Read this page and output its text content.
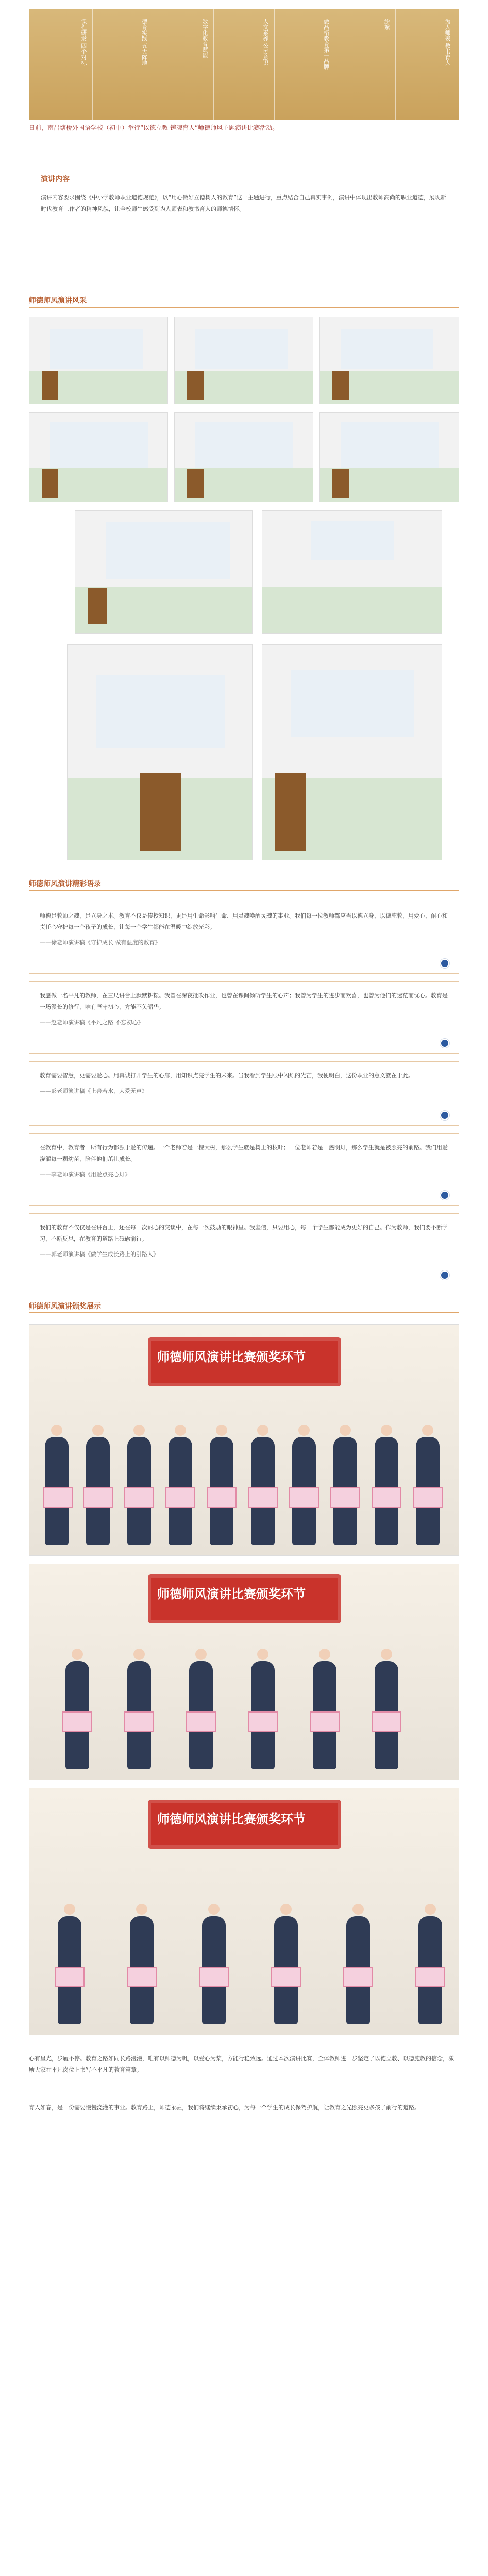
课程研发 四个对标	德育实践 五大阵地	数字化教育赋能	人文素养 公民意识	做品格教育第一品牌	纷繁	为人师表 教书育人
日前，南昌塘桥外国语学校（初中）举行“以德立教 铸魂育人”师德师风主题演讲比赛活动。
演讲内容
演讲内容要求围绕《中小学教师职业道德规范》，以“用心做好立德树人的教育”这一主题进行，重点结合自己真实事例，演讲中体现出教师高尚的职业道德，展现新时代教育工作者的精神风貌，让全校师生感受到为人师表和教书育人的师德情怀。
师德师风演讲风采
师德师风演讲精彩语录
师德是教师之魂，是立身之本。教育不仅是传授知识，更是用生命影响生命、用灵魂唤醒灵魂的事业。我们每一位教师都应当以德立身、以德施教，用爱心、耐心和责任心守护每一个孩子的成长，让每一个学生都能在温暖中绽放光彩。
——徐老师演讲稿《守护成长 做有温度的教育》
我愿做一名平凡的教师，在三尺讲台上默默耕耘。我曾在深夜批改作业，也曾在课间倾听学生的心声；我曾为学生的进步而欢喜，也曾为他们的迷茫而忧心。教育是一场漫长的修行，唯有坚守初心，方能不负韶华。
——赵老师演讲稿《平凡之路 不忘初心》
教育需要智慧，更需要爱心。用真诚打开学生的心扉，用知识点亮学生的未来。当我看到学生眼中闪烁的光芒，我便明白，这份职业的意义就在于此。
——彭老师演讲稿《上善若水，大爱无声》
在教育中，教育者一所有行为都源于爱的传递。一个老师若是一棵大树，那么学生就是树上的枝叶；一位老师若是一盏明灯，那么学生就是被照亮的前路。我们用爱浇灌每一颗幼苗，陪伴他们茁壮成长。
——李老师演讲稿《用爱点亮心灯》
我们的教育不仅仅是在讲台上，还在每一次耐心的交谈中，在每一次鼓励的眼神里。我坚信，只要用心，每一个学生都能成为更好的自己。作为教师，我们要不断学习、不断反思，在教育的道路上砥砺前行。
——郭老师演讲稿《做学生成长路上的引路人》
师德师风演讲颁奖展示
师德师风演讲比赛颁奖环节
师德师风演讲比赛颁奖环节
师德师风演讲比赛颁奖环节
心有星光，步履不停。教育之路如同长路漫漫，唯有以师德为帆，以爱心为桨，方能行稳致远。通过本次演讲比赛，全体教师进一步坚定了以德立教、以德施教的信念，激励大家在平凡岗位上书写不平凡的教育篇章。
育人如春，是一份需要慢慢浇灌的事业。教育路上，师德永驻，我们将继续秉承初心，为每一个学生的成长保驾护航，让教育之光照亮更多孩子前行的道路。
